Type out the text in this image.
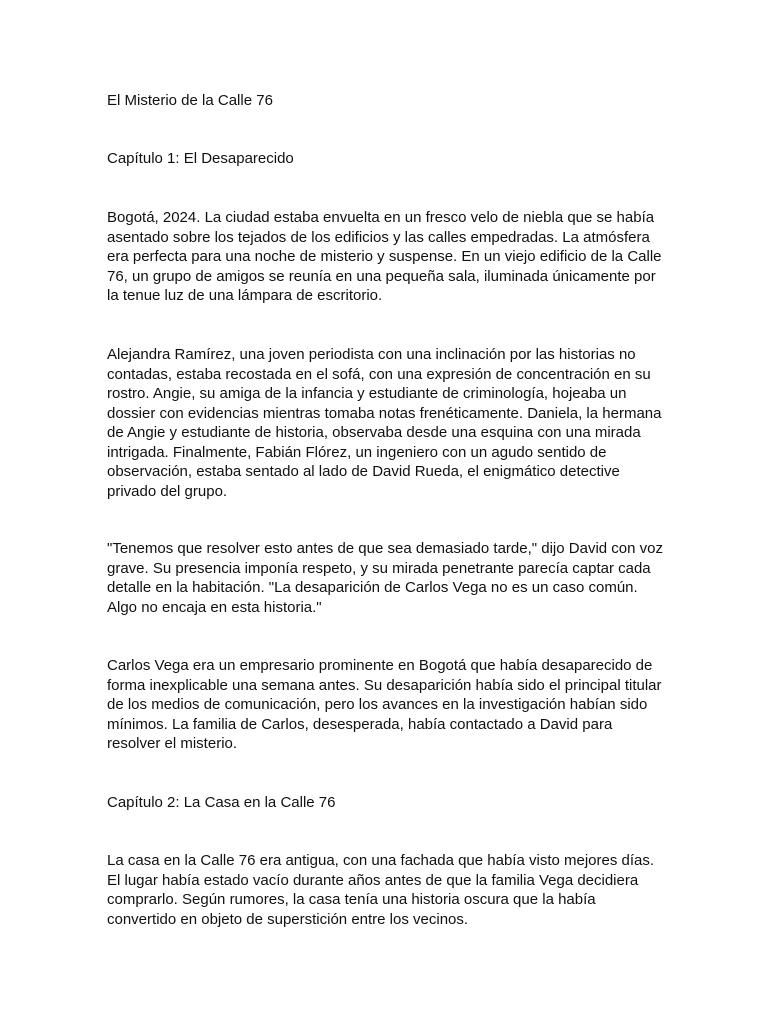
El Misterio de la Calle 76

Capítulo 1: El Desaparecido

Bogotá, 2024. La ciudad estaba envuelta en un fresco velo de niebla que se había asentado sobre los tejados de los edificios y las calles empedradas. La atmósfera era perfecta para una noche de misterio y suspense. En un viejo edificio de la Calle 76, un grupo de amigos se reunía en una pequeña sala, iluminada únicamente por la tenue luz de una lámpara de escritorio.

Alejandra Ramírez, una joven periodista con una inclinación por las historias no contadas, estaba recostada en el sofá, con una expresión de concentración en su rostro. Angie, su amiga de la infancia y estudiante de criminología, hojeaba un dossier con evidencias mientras tomaba notas frenéticamente. Daniela, la hermana de Angie y estudiante de historia, observaba desde una esquina con una mirada intrigada. Finalmente, Fabián Flórez, un ingeniero con un agudo sentido de observación, estaba sentado al lado de David Rueda, el enigmático detective privado del grupo.

"Tenemos que resolver esto antes de que sea demasiado tarde," dijo David con voz grave. Su presencia imponía respeto, y su mirada penetrante parecía captar cada detalle en la habitación. "La desaparición de Carlos Vega no es un caso común. Algo no encaja en esta historia."

Carlos Vega era un empresario prominente en Bogotá que había desaparecido de forma inexplicable una semana antes. Su desaparición había sido el principal titular de los medios de comunicación, pero los avances en la investigación habían sido mínimos. La familia de Carlos, desesperada, había contactado a David para resolver el misterio.

Capítulo 2: La Casa en la Calle 76

La casa en la Calle 76 era antigua, con una fachada que había visto mejores días. El lugar había estado vacío durante años antes de que la familia Vega decidiera comprarlo. Según rumores, la casa tenía una historia oscura que la había convertido en objeto de superstición entre los vecinos.
